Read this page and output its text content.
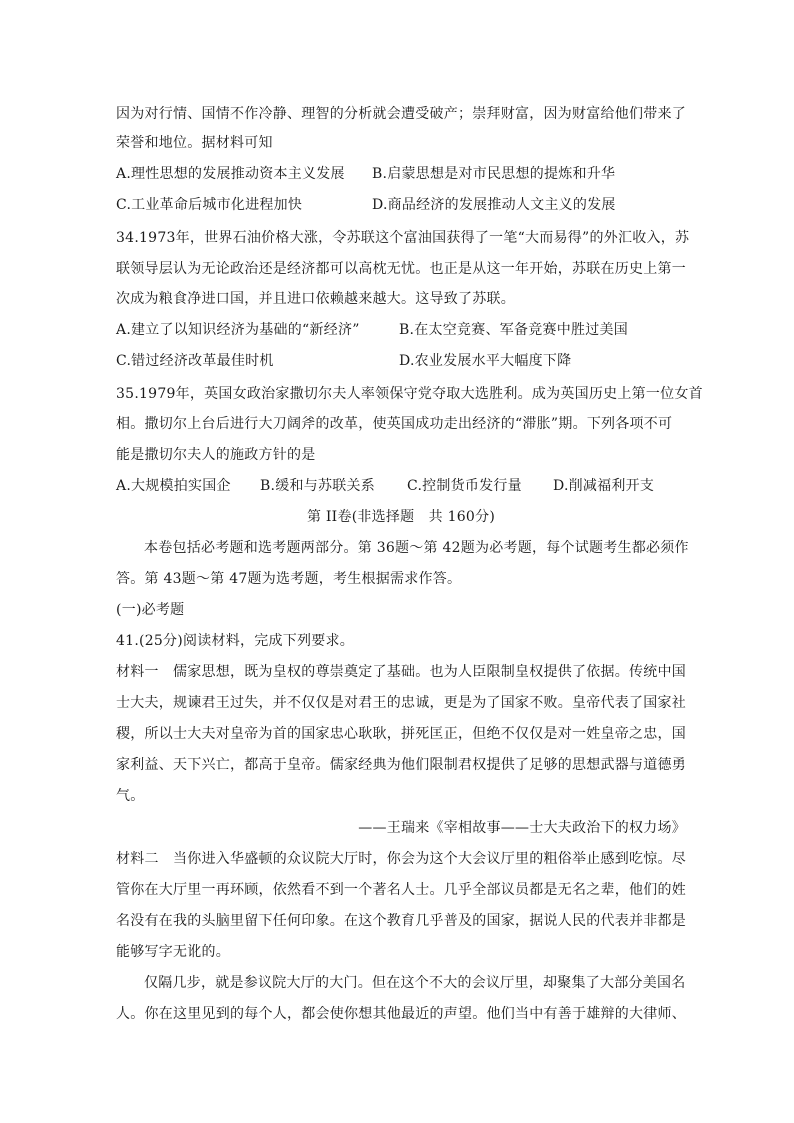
因为对行情、国情不作冷静、理智的分析就会遭受破产；崇拜财富，因为财富给他们带来了
荣誉和地位。据材料可知
A.理性思想的发展推动资本主义发展	B.启蒙思想是对市民思想的提炼和升华
C.工业革命后城市化进程加快	D.商品经济的发展推动人文主义的发展
34.1973年，世界石油价格大涨，令苏联这个富油国获得了一笔“大而易得”的外汇收入，苏
联领导层认为无论政治还是经济都可以高枕无忧。也正是从这一年开始，苏联在历史上第一
次成为粮食净进口国，并且进口依赖越来越大。这导致了苏联。
A.建立了以知识经济为基础的“新经济”	B.在太空竞赛、军备竞赛中胜过美国
C.错过经济改革最佳时机	D.农业发展水平大幅度下降
35.1979年，英国女政治家撒切尔夫人率领保守党夺取大选胜利。成为英国历史上第一位女首
相。撒切尔上台后进行大刀阔斧的改革，使英国成功走出经济的“滞胀”期。下列各项不可
能是撒切尔夫人的施政方针的是
A.大规模拍实国企	B.缓和与苏联关系	C.控制货币发行量	D.削减福利开支
第 II卷(非选择题　共 160分)
本卷包括必考题和选考题两部分。第 36题～第 42题为必考题，每个试题考生都必须作
答。第 43题～第 47题为选考题，考生根据需求作答。
(一)必考题
41.(25分)阅读材料，完成下列要求。
材料一　儒家思想，既为皇权的尊崇奠定了基础。也为人臣限制皇权提供了依据。传统中国
士大夫，规谏君王过失，并不仅仅是对君王的忠诚，更是为了国家不败。皇帝代表了国家社
稷，所以士大夫对皇帝为首的国家忠心耿耿，拼死匡正，但绝不仅仅是对一姓皇帝之忠，国
家利益、天下兴亡，都高于皇帝。儒家经典为他们限制君权提供了足够的思想武器与道德勇
气。
——王瑞来《宰相故事——士大夫政治下的权力场》
材料二　当你进入华盛顿的众议院大厅时，你会为这个大会议厅里的粗俗举止感到吃惊。尽
管你在大厅里一再环顾，依然看不到一个著名人士。几乎全部议员都是无名之辈，他们的姓
名没有在我的头脑里留下任何印象。在这个教育几乎普及的国家，据说人民的代表并非都是
能够写字无讹的。
仅隔几步，就是参议院大厅的大门。但在这个不大的会议厅里，却聚集了大部分美国名
人。你在这里见到的每个人，都会使你想其他最近的声望。他们当中有善于雄辩的大律师、
